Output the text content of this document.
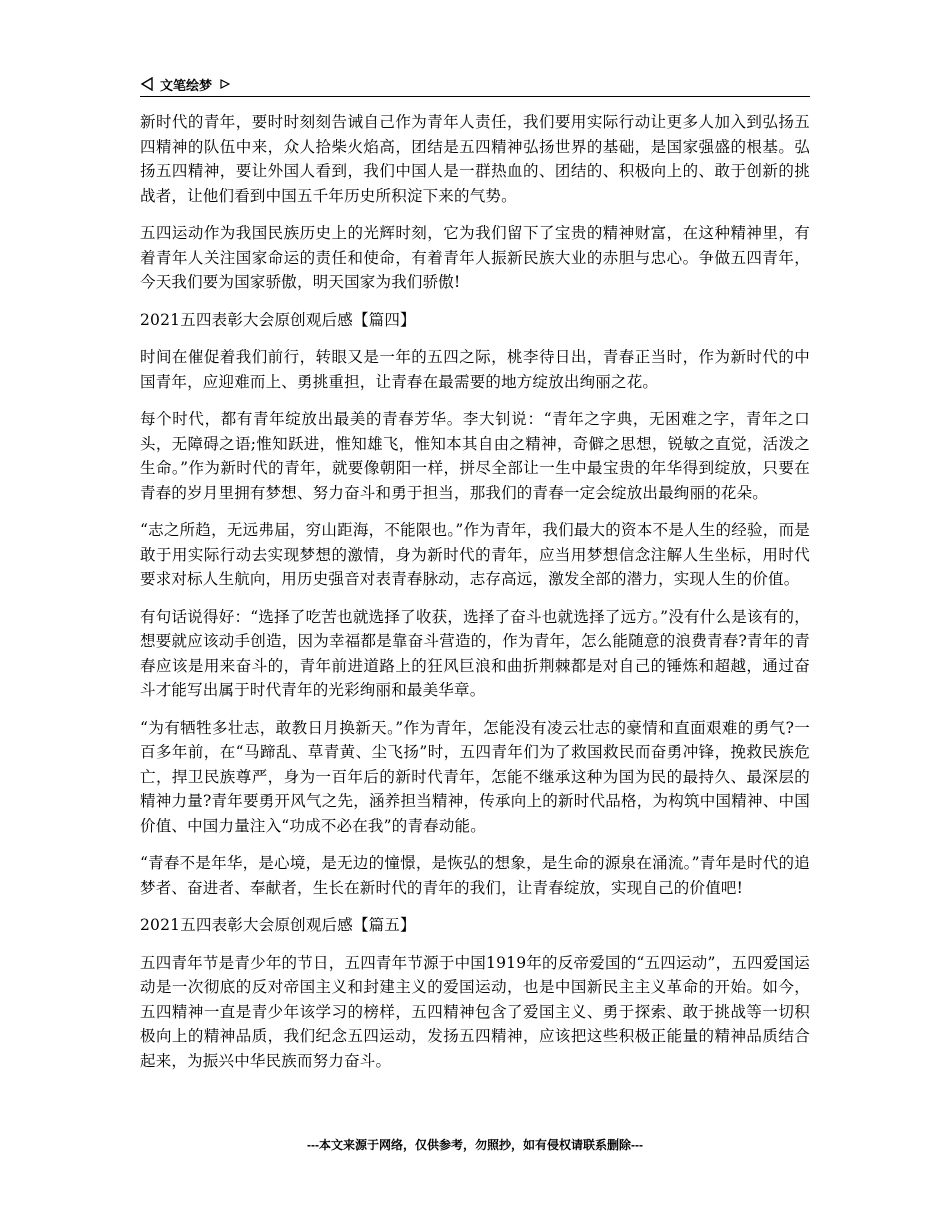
文笔绘梦

新时代的青年，要时时刻刻告诫自己作为青年人责任，我们要用实际行动让更多人加入到弘扬五四精神的队伍中来，众人拾柴火焰高，团结是五四精神弘扬世界的基础，是国家强盛的根基。弘扬五四精神，要让外国人看到，我们中国人是一群热血的、团结的、积极向上的、敢于创新的挑战者，让他们看到中国五千年历史所积淀下来的气势。

五四运动作为我国民族历史上的光辉时刻，它为我们留下了宝贵的精神财富，在这种精神里，有着青年人关注国家命运的责任和使命，有着青年人振新民族大业的赤胆与忠心。争做五四青年，今天我们要为国家骄傲，明天国家为我们骄傲!

2021五四表彰大会原创观后感【篇四】

时间在催促着我们前行，转眼又是一年的五四之际，桃李待日出，青春正当时，作为新时代的中国青年，应迎难而上、勇挑重担，让青春在最需要的地方绽放出绚丽之花。

每个时代，都有青年绽放出最美的青春芳华。李大钊说：“青年之字典，无困难之字，青年之口头，无障碍之语;惟知跃进，惟知雄飞，惟知本其自由之精神，奇僻之思想，锐敏之直觉，活泼之生命。”作为新时代的青年，就要像朝阳一样，拼尽全部让一生中最宝贵的年华得到绽放，只要在青春的岁月里拥有梦想、努力奋斗和勇于担当，那我们的青春一定会绽放出最绚丽的花朵。

“志之所趋，无远弗届，穷山距海，不能限也。”作为青年，我们最大的资本不是人生的经验，而是敢于用实际行动去实现梦想的激情，身为新时代的青年，应当用梦想信念注解人生坐标，用时代要求对标人生航向，用历史强音对表青春脉动，志存高远，激发全部的潜力，实现人生的价值。

有句话说得好：“选择了吃苦也就选择了收获，选择了奋斗也就选择了远方。”没有什么是该有的，想要就应该动手创造，因为幸福都是靠奋斗营造的，作为青年，怎么能随意的浪费青春?青年的青春应该是用来奋斗的，青年前进道路上的狂风巨浪和曲折荆棘都是对自己的锤炼和超越，通过奋斗才能写出属于时代青年的光彩绚丽和最美华章。

“为有牺牲多壮志，敢教日月换新天。”作为青年，怎能没有凌云壮志的豪情和直面艰难的勇气?一百多年前，在“马蹄乱、草青黄、尘飞扬”时，五四青年们为了救国救民而奋勇冲锋，挽救民族危亡，捍卫民族尊严，身为一百年后的新时代青年，怎能不继承这种为国为民的最持久、最深层的精神力量?青年要勇开风气之先，涵养担当精神，传承向上的新时代品格，为构筑中国精神、中国价值、中国力量注入“功成不必在我”的青春动能。

“青春不是年华，是心境，是无边的憧憬，是恢弘的想象，是生命的源泉在涌流。”青年是时代的追梦者、奋进者、奉献者，生长在新时代的青年的我们，让青春绽放，实现自己的价值吧!

2021五四表彰大会原创观后感【篇五】

五四青年节是青少年的节日，五四青年节源于中国1919年的反帝爱国的“五四运动”，五四爱国运动是一次彻底的反对帝国主义和封建主义的爱国运动，也是中国新民主主义革命的开始。如今，五四精神一直是青少年该学习的榜样，五四精神包含了爱国主义、勇于探索、敢于挑战等一切积极向上的精神品质，我们纪念五四运动，发扬五四精神，应该把这些积极正能量的精神品质结合起来，为振兴中华民族而努力奋斗。

---本文来源于网络，仅供参考，勿照抄，如有侵权请联系删除---
